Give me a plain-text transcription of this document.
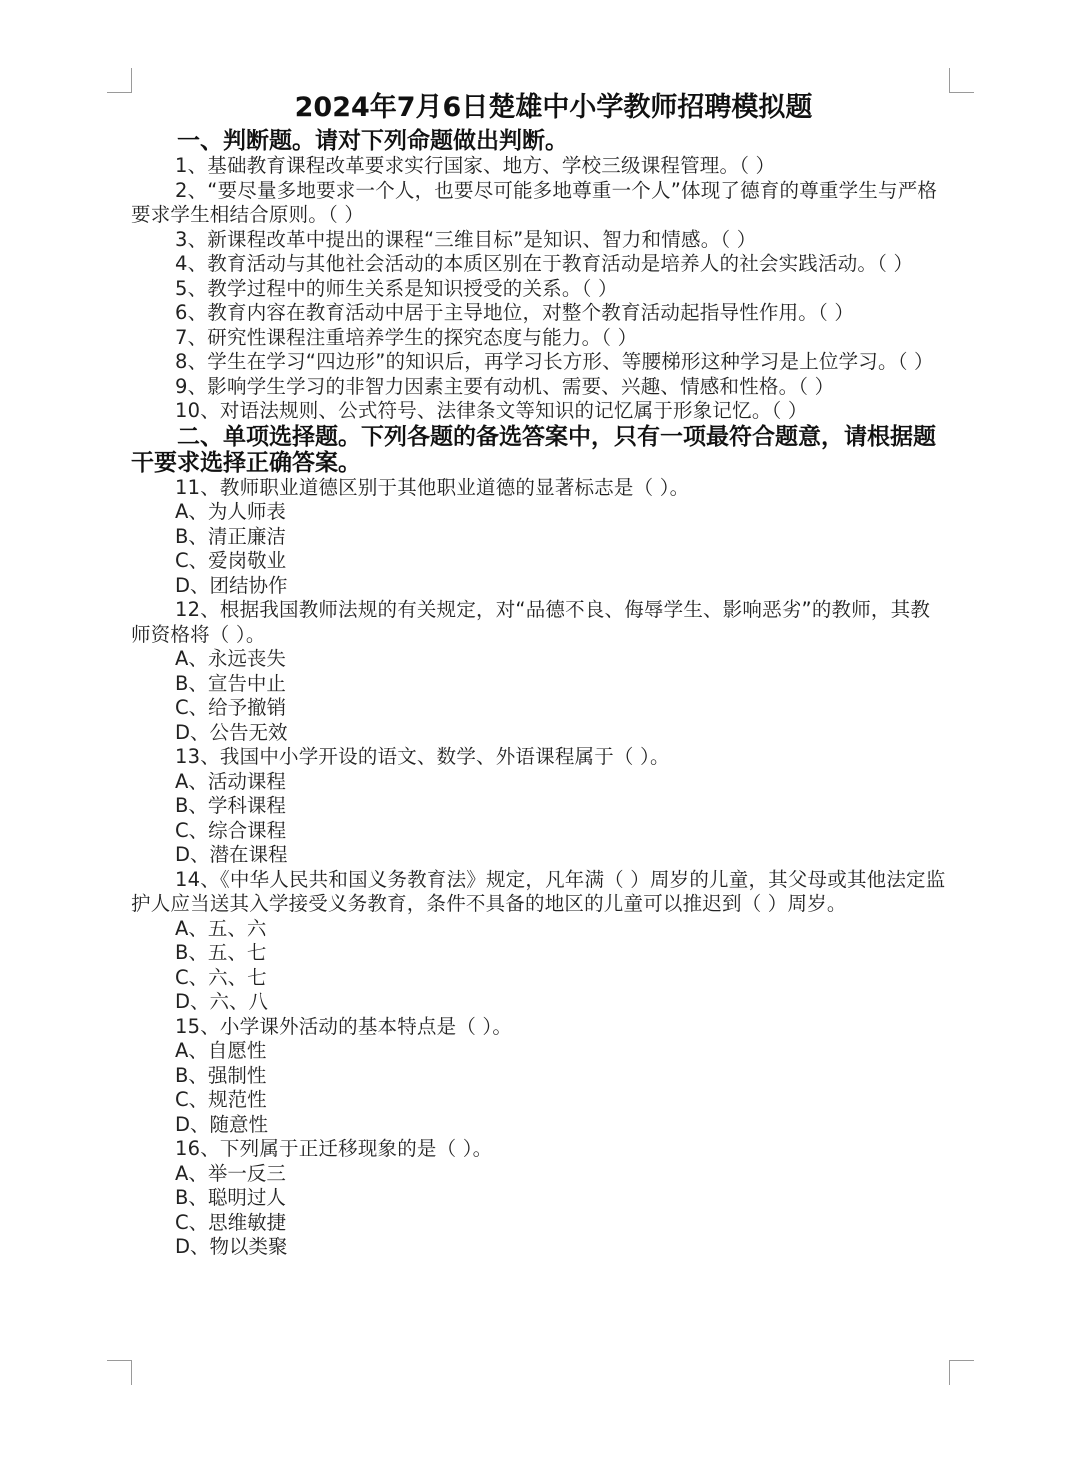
2024年7月6日楚雄中小学教师招聘模拟题
一、判断题。请对下列命题做出判断。
1、基础教育课程改革要求实行国家、地方、学校三级课程管理。（ ）
2、“要尽量多地要求一个人，也要尽可能多地尊重一个人”体现了德育的尊重学生与严格要求学生相结合原则。（ ）
3、新课程改革中提出的课程“三维目标”是知识、智力和情感。（ ）
4、教育活动与其他社会活动的本质区别在于教育活动是培养人的社会实践活动。（ ）
5、教学过程中的师生关系是知识授受的关系。（ ）
6、教育内容在教育活动中居于主导地位，对整个教育活动起指导性作用。（ ）
7、研究性课程注重培养学生的探究态度与能力。（ ）
8、学生在学习“四边形”的知识后，再学习长方形、等腰梯形这种学习是上位学习。（ ）
9、影响学生学习的非智力因素主要有动机、需要、兴趣、情感和性格。（ ）
10、对语法规则、公式符号、法律条文等知识的记忆属于形象记忆。（ ）
二、单项选择题。下列各题的备选答案中，只有一项最符合题意，请根据题干要求选择正确答案。
11、教师职业道德区别于其他职业道德的显著标志是（ ）。
A、为人师表
B、清正廉洁
C、爱岗敬业
D、团结协作
12、根据我国教师法规的有关规定，对“品德不良、侮辱学生、影响恶劣”的教师，其教师资格将（ ）。
A、永远丧失
B、宣告中止
C、给予撤销
D、公告无效
13、我国中小学开设的语文、数学、外语课程属于（ ）。
A、活动课程
B、学科课程
C、综合课程
D、潜在课程
14、《中华人民共和国义务教育法》规定，凡年满（ ）周岁的儿童，其父母或其他法定监护人应当送其入学接受义务教育，条件不具备的地区的儿童可以推迟到（ ）周岁。
A、五、六
B、五、七
C、六、七
D、六、八
15、小学课外活动的基本特点是（ ）。
A、自愿性
B、强制性
C、规范性
D、随意性
16、下列属于正迁移现象的是（ ）。
A、举一反三
B、聪明过人
C、思维敏捷
D、物以类聚
